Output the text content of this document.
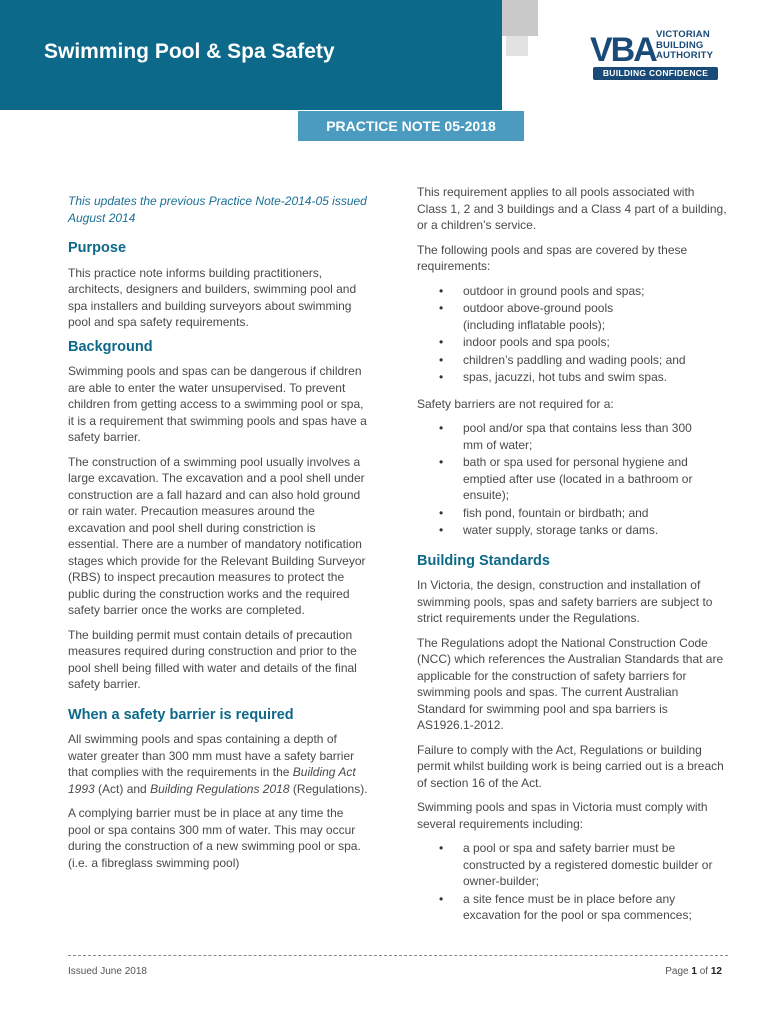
Swimming Pool & Spa Safety	VBA VICTORIAN
BUILDING
AUTHORITY
BUILDING CONFIDENCE
PRACTICE NOTE 05-2018

This updates the previous Practice Note-2014-05 issued August 2014

Purpose

This practice note informs building practitioners, architects, designers and builders, swimming pool and spa installers and building surveyors about swimming pool and spa safety requirements.

Background

Swimming pools and spas can be dangerous if children are able to enter the water unsupervised. To prevent children from getting access to a swimming pool or spa, it is a requirement that swimming pools and spas have a safety barrier.

The construction of a swimming pool usually involves a large excavation. The excavation and a pool shell under construction are a fall hazard and can also hold ground or rain water. Precaution measures around the excavation and pool shell during constriction is essential. There are a number of mandatory notification stages which provide for the Relevant Building Surveyor (RBS) to inspect precaution measures to protect the public during the construction works and the required safety barrier once the works are completed.

The building permit must contain details of precaution measures required during construction and prior to the pool shell being filled with water and details of the final safety barrier.

When a safety barrier is required

All swimming pools and spas containing a depth of water greater than 300 mm must have a safety barrier that complies with the requirements in the Building Act 1993 (Act) and Building Regulations 2018 (Regulations).

A complying barrier must be in place at any time the pool or spa contains 300 mm of water. This may occur during the construction of a new swimming pool or spa. (i.e. a fibreglass swimming pool)

This requirement applies to all pools associated with Class 1, 2 and 3 buildings and a Class 4 part of a building, or a children’s service.

The following pools and spas are covered by these requirements:

• outdoor in ground pools and spas;
• outdoor above-ground pools (including inflatable pools);
• indoor pools and spa pools;
• children’s paddling and wading pools; and
• spas, jacuzzi, hot tubs and swim spas.

Safety barriers are not required for a:

• pool and/or spa that contains less than 300 mm of water;
• bath or spa used for personal hygiene and emptied after use (located in a bathroom or ensuite);
• fish pond, fountain or birdbath; and
• water supply, storage tanks or dams.
Building Standards

In Victoria, the design, construction and installation of swimming pools, spas and safety barriers are subject to strict requirements under the Regulations.

The Regulations adopt the National Construction Code (NCC) which references the Australian Standards that are applicable for the construction of safety barriers for swimming pools and spas. The current Australian Standard for swimming pool and spa barriers is AS1926.1-2012.

Failure to comply with the Act, Regulations or building permit whilst building work is being carried out is a breach of section 16 of the Act.

Swimming pools and spas in Victoria must comply with several requirements including:

• a pool or spa and safety barrier must be constructed by a registered domestic builder or owner-builder;
• a site fence must be in place before any excavation for the pool or spa commences;
Issued June 2018	Page 1 of 12
